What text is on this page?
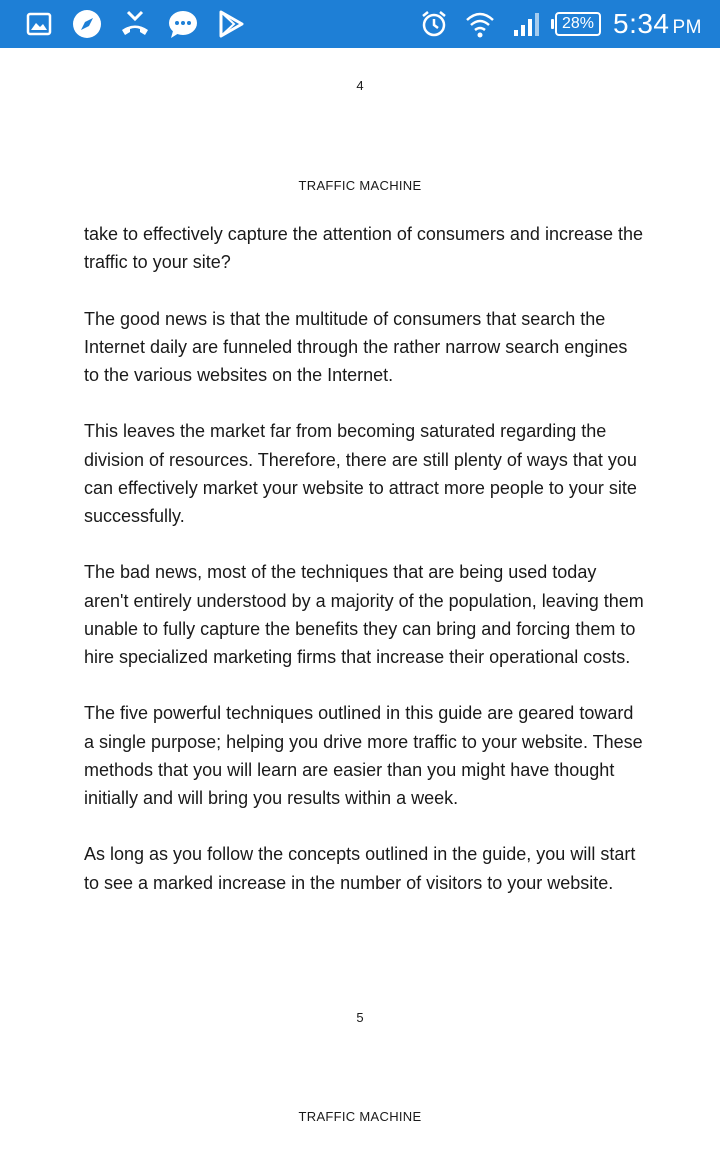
28% 5:34 PM
4
TRAFFIC MACHINE

take to effectively capture the attention of consumers and increase the traffic to your site?

The good news is that the multitude of consumers that search the Internet daily are funneled through the rather narrow search engines to the various websites on the Internet.

This leaves the market far from becoming saturated regarding the division of resources. Therefore, there are still plenty of ways that you can effectively market your website to attract more people to your site successfully.

The bad news, most of the techniques that are being used today aren't entirely understood by a majority of the population, leaving them unable to fully capture the benefits they can bring and forcing them to hire specialized marketing firms that increase their operational costs.

The five powerful techniques outlined in this guide are geared toward a single purpose; helping you drive more traffic to your website. These methods that you will learn are easier than you might have thought initially and will bring you results within a week.

As long as you follow the concepts outlined in the guide, you will start to see a marked increase in the number of visitors to your website.

5
TRAFFIC MACHINE
